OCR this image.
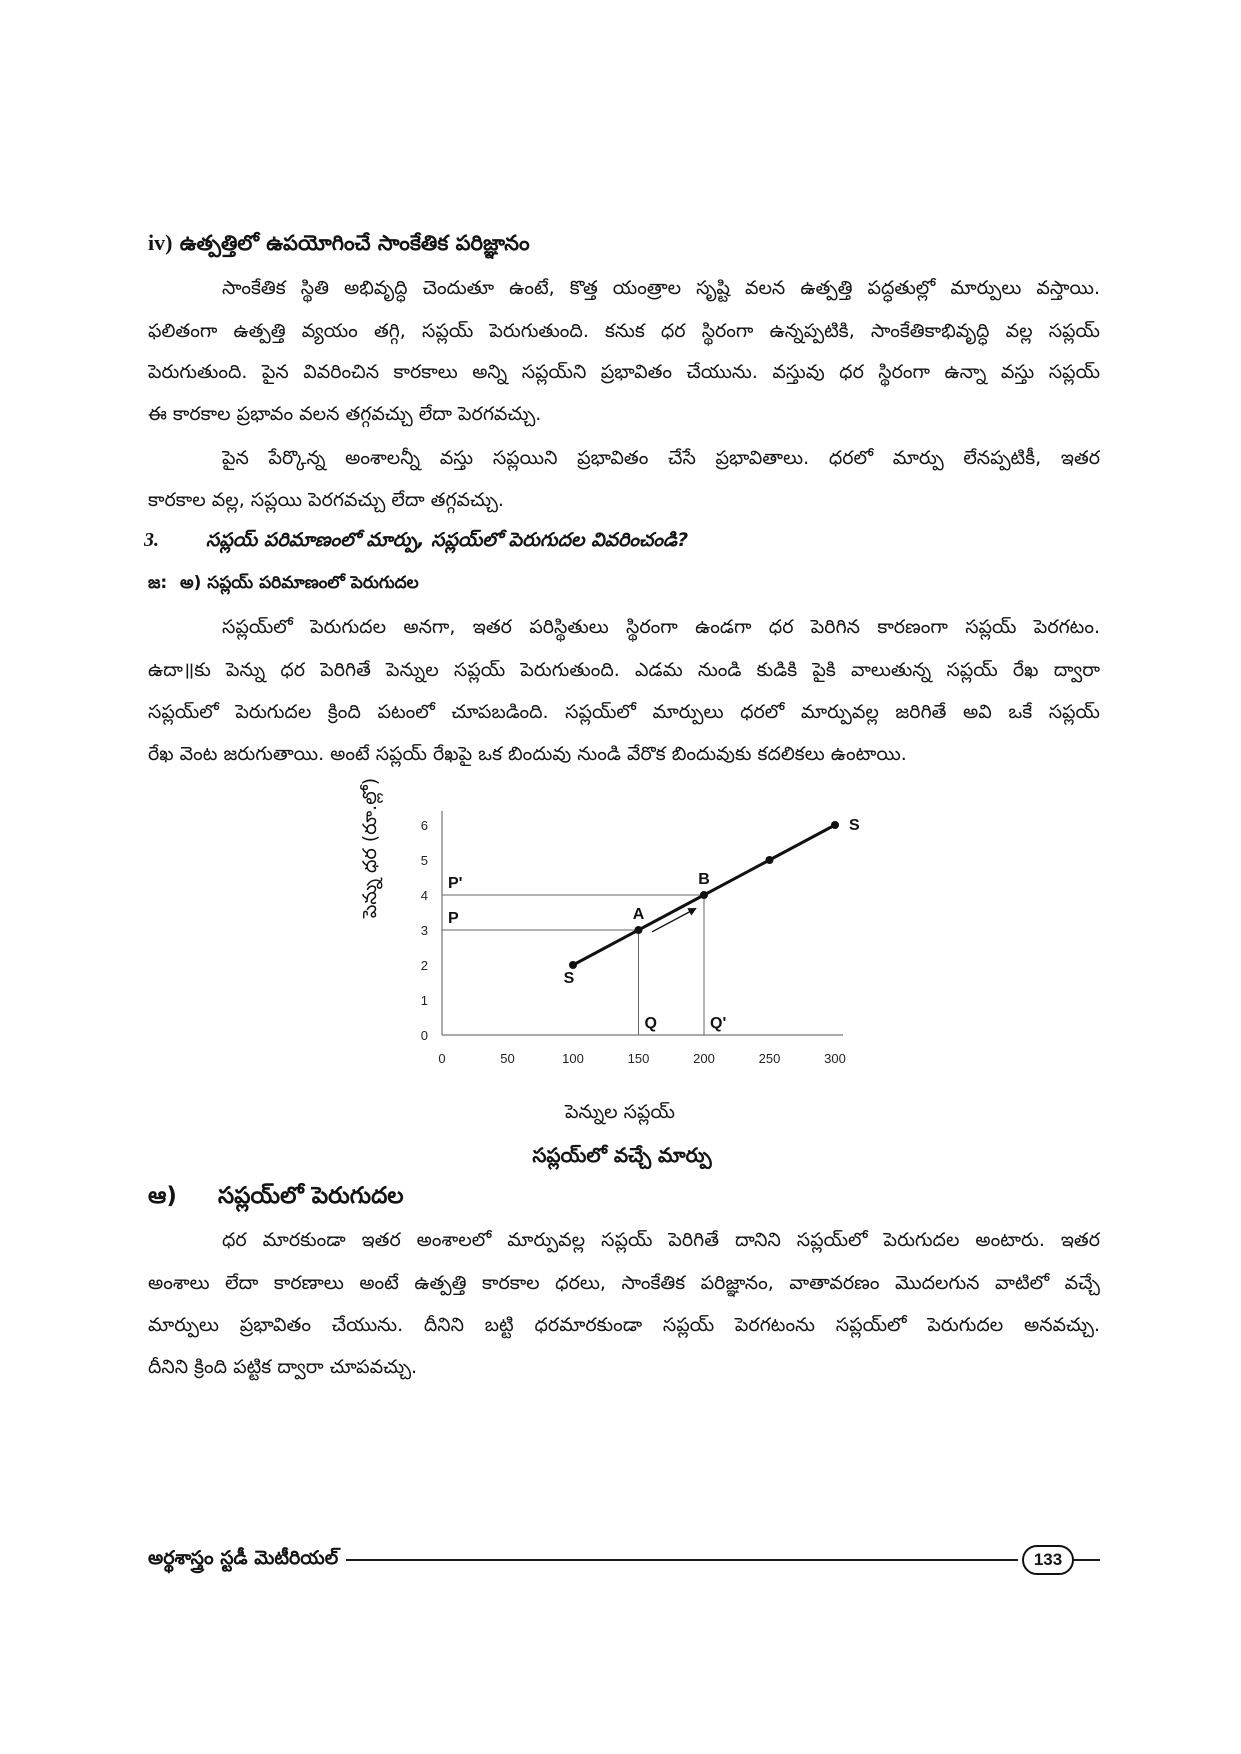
iv) ఉత్పత్తిలో ఉపయోగించే సాంకేతిక పరిజ్ఞానం
సాంకేతిక స్థితి అభివృద్ధి చెందుతూ ఉంటే, కొత్త యంత్రాల సృష్టి వలన ఉత్పత్తి పద్ధతుల్లో మార్పులు వస్తాయి.
ఫలితంగా ఉత్పత్తి వ్యయం తగ్గి, సప్లయ్ పెరుగుతుంది. కనుక ధర స్థిరంగా ఉన్నప్పటికి, సాంకేతికాభివృద్ధి వల్ల సప్లయ్
పెరుగుతుంది. పైన వివరించిన కారకాలు అన్ని సప్లయ్‌ని ప్రభావితం చేయును. వస్తువు ధర స్థిరంగా ఉన్నా వస్తు సప్లయ్
ఈ కారకాల ప్రభావం వలన తగ్గవచ్చు లేదా పెరగవచ్చు.
పైన పేర్కొన్న అంశాలన్నీ వస్తు సప్లయిని ప్రభావితం చేసే ప్రభావితాలు. ధరలో మార్పు లేనప్పటికీ, ఇతర
కారకాల వల్ల, సప్లయి పెరగవచ్చు లేదా తగ్గవచ్చు.
3.	సప్లయ్ పరిమాణంలో మార్పు, సప్లయ్‌లో పెరుగుదల వివరించండి?
జ: అ) సప్లయ్ పరిమాణంలో పెరుగుదల
సప్లయ్‌లో పెరుగుదల అనగా, ఇతర పరిస్థితులు స్థిరంగా ఉండగా ధర పెరిగిన కారణంగా సప్లయ్ పెరగటం.
ఉదా॥కు పెన్ను ధర పెరిగితే పెన్నుల సప్లయ్ పెరుగుతుంది. ఎడమ నుండి కుడికి పైకి వాలుతున్న సప్లయ్ రేఖ ద్వారా
సప్లయ్‌లో పెరుగుదల క్రింది పటంలో చూపబడింది. సప్లయ్‌లో మార్పులు ధరలో మార్పువల్ల జరిగితే అవి ఒకే సప్లయ్
రేఖ వెంట జరుగుతాయి. అంటే సప్లయ్ రేఖపై ఒక బిందువు నుండి వేరొక బిందువుకు కదలికలు ఉంటాయి.
0	50	100	150	200	250	300
0
1
2
3
4
5
6	S
S
A
B
P'
P
Q	Q'
పెన్ను ధర (రూ.ల్లో)
పెన్నుల సప్లయ్
సప్లయ్‌లో వచ్చే మార్పు
ఆ)	సప్లయ్‌లో పెరుగుదల
ధర మారకుండా ఇతర అంశాలలో మార్పువల్ల సప్లయ్ పెరిగితే దానిని సప్లయ్‌లో పెరుగుదల అంటారు. ఇతర
అంశాలు లేదా కారణాలు అంటే ఉత్పత్తి కారకాల ధరలు, సాంకేతిక పరిజ్ఞానం, వాతావరణం మొదలగున వాటిలో వచ్చే
మార్పులు ప్రభావితం చేయును. దీనిని బట్టి ధరమారకుండా సప్లయ్ పెరగటంను సప్లయ్‌లో పెరుగుదల అనవచ్చు.
దీనిని క్రింది పట్టిక ద్వారా చూపవచ్చు.
అర్థశాస్త్రం స్టడీ మెటీరియల్	133
